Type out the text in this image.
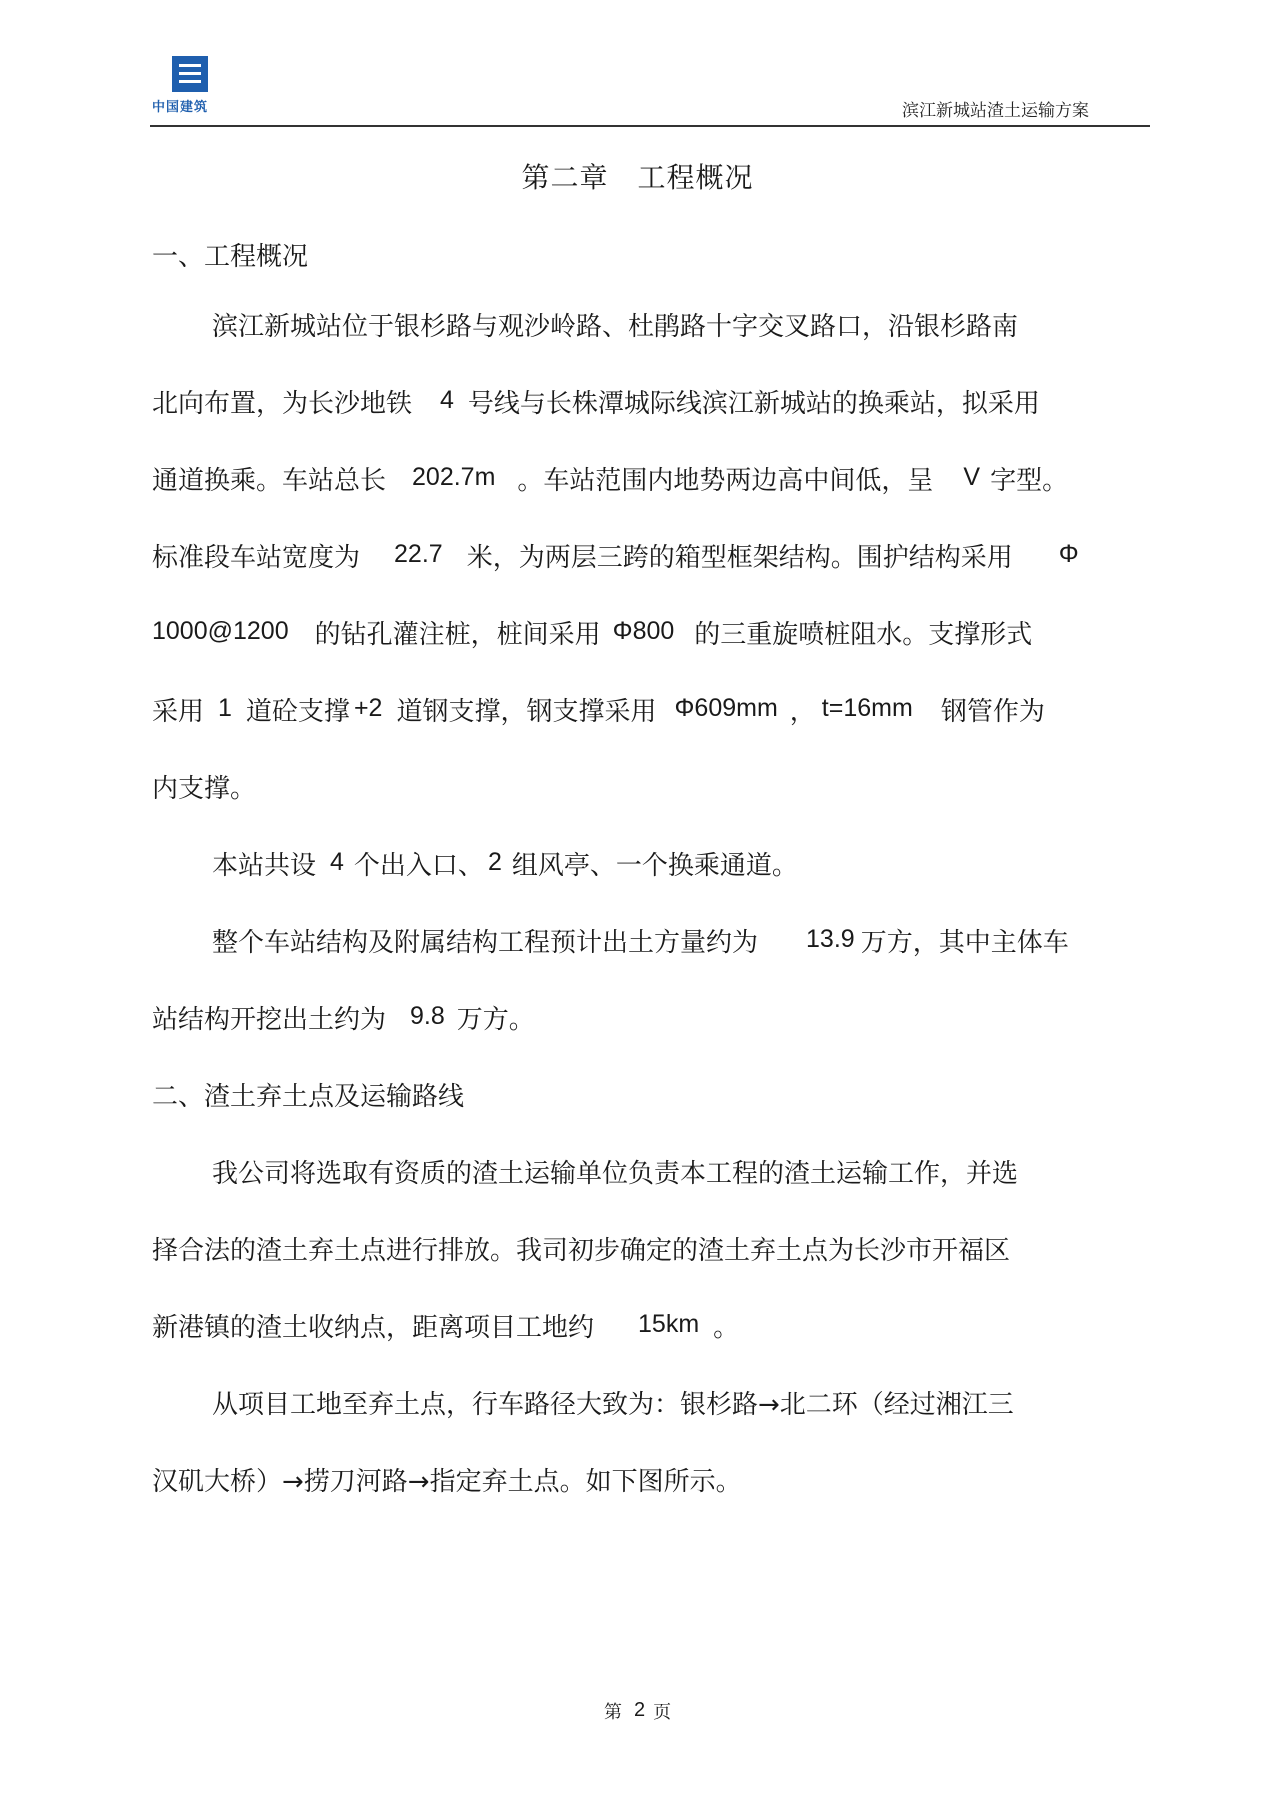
中国建筑	滨江新城站渣土运输方案
第二章　工程概况
一、工程概况
滨江新城站位于银杉路与观沙岭路、杜鹃路十字交叉路口，沿银杉路南
北向布置，为长沙地铁 4 号线与长株潭城际线滨江新城站的换乘站，拟采用
通道换乘。车站总长 202.7m 。车站范围内地势两边高中间低，呈 V 字型。
标准段车站宽度为 22.7 米，为两层三跨的箱型框架结构。围护结构采用 Φ
1000@1200 的钻孔灌注桩，桩间采用 Φ800 的三重旋喷桩阻水。支撑形式
采用 1 道砼支撑 +2 道钢支撑，钢支撑采用 Φ609mm ， t=16mm 钢管作为
内支撑。
本站共设 4 个出入口、 2 组风亭、一个换乘通道。
整个车站结构及附属结构工程预计出土方量约为 13.9 万方，其中主体车
站结构开挖出土约为 9.8 万方。
二、渣土弃土点及运输路线
我公司将选取有资质的渣土运输单位负责本工程的渣土运输工作，并选
择合法的渣土弃土点进行排放。我司初步确定的渣土弃土点为长沙市开福区
新港镇的渣土收纳点，距离项目工地约 15km 。
从项目工地至弃土点，行车路径大致为：银杉路→北二环（经过湘江三
汉矶大桥）→捞刀河路→指定弃土点。如下图所示。
第 2 页
